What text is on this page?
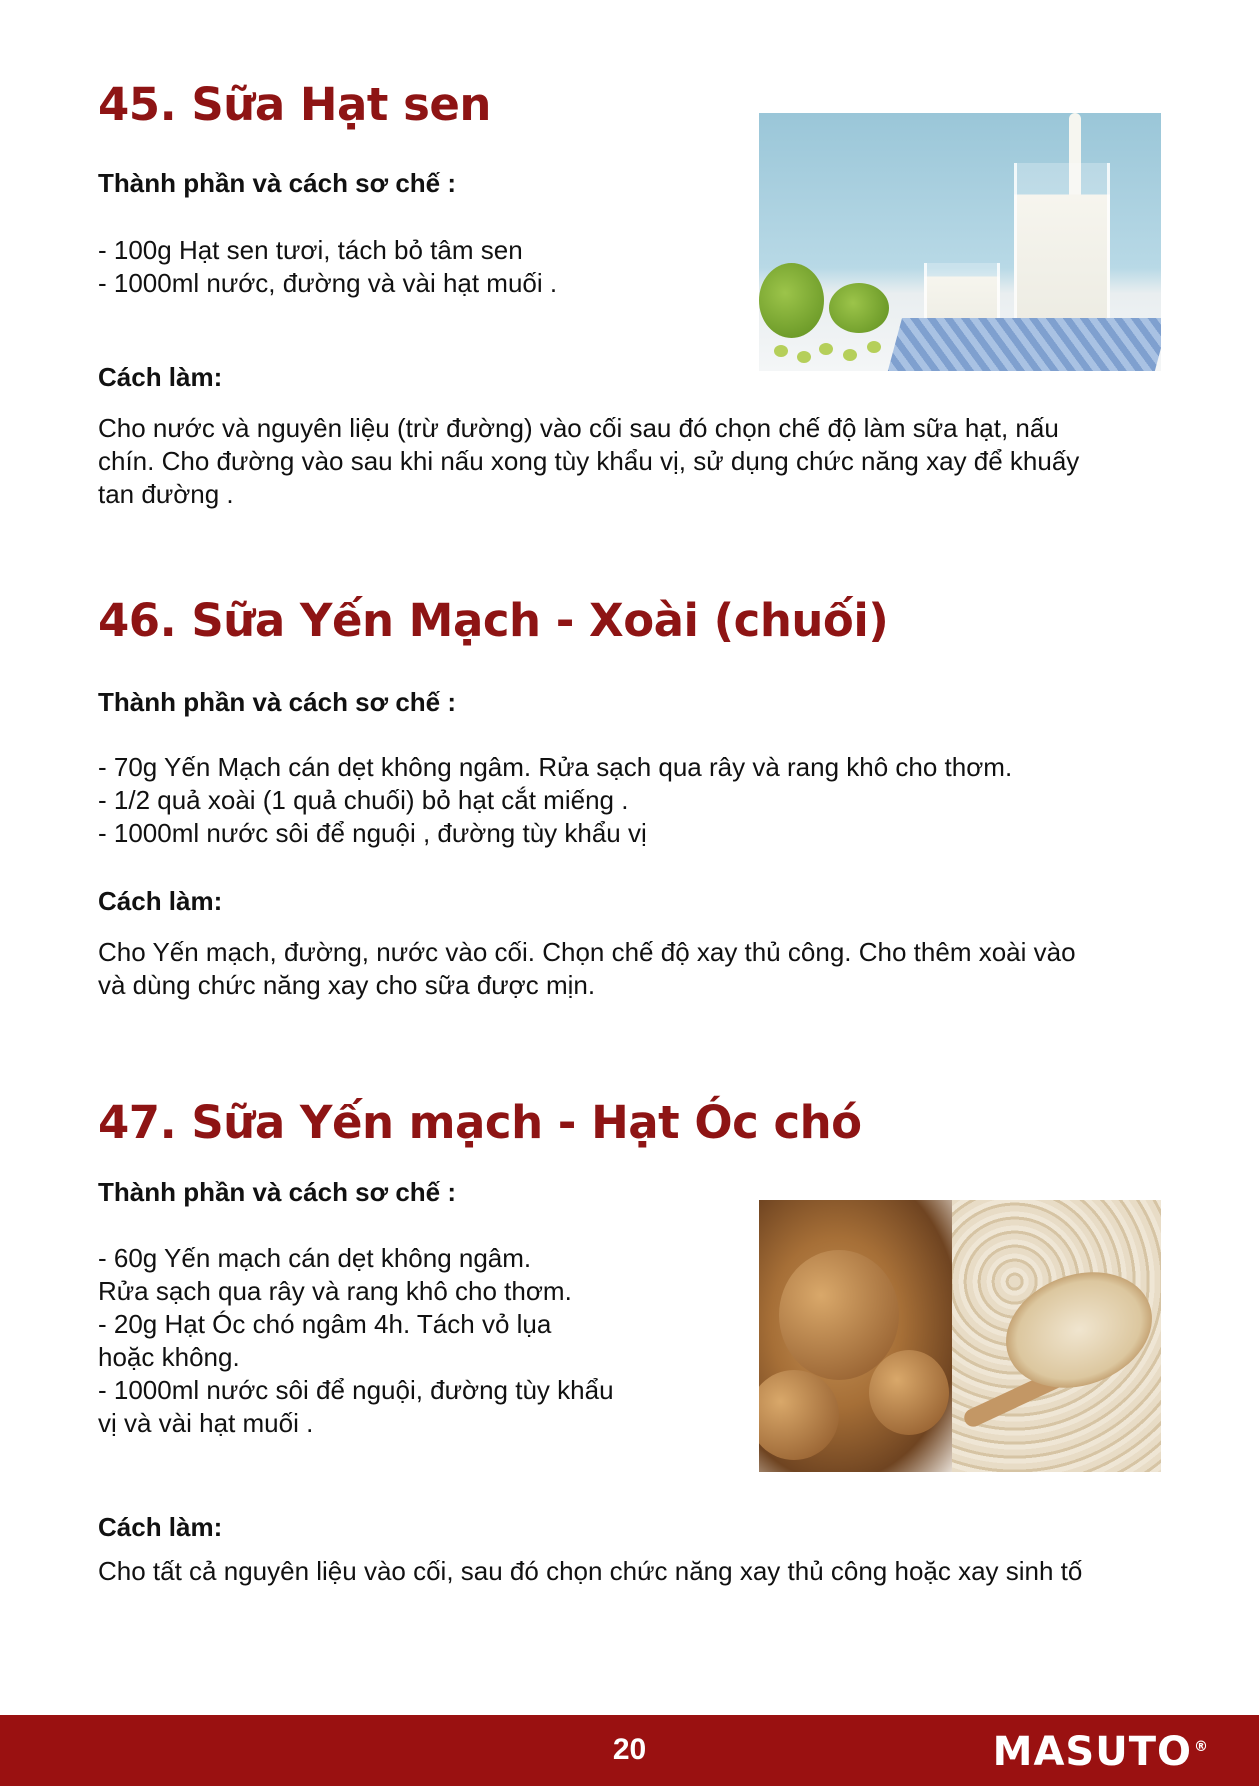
45. Sữa Hạt sen

Thành phần và cách sơ chế :

- 100g Hạt sen tươi, tách bỏ tâm sen
- 1000ml nước, đường và vài hạt muối .

Cách làm:

Cho nước và nguyên liệu (trừ đường) vào cối sau đó chọn chế độ làm sữa hạt, nấu
chín. Cho đường vào sau khi nấu xong tùy khẩu vị, sử dụng chức năng xay để khuấy
tan đường .
46. Sữa Yến Mạch - Xoài (chuối)

Thành phần và cách sơ chế :

- 70g Yến Mạch cán dẹt không ngâm. Rửa sạch qua rây và rang khô cho thơm.
- 1/2 quả xoài (1 quả chuối) bỏ hạt cắt miếng .
- 1000ml nước sôi để nguội , đường tùy khẩu vị

Cách làm:

Cho Yến mạch, đường, nước vào cối. Chọn chế độ xay thủ công. Cho thêm xoài vào
và dùng chức năng xay cho sữa được mịn.
47. Sữa Yến mạch - Hạt Óc chó

Thành phần và cách sơ chế :

- 60g Yến mạch cán dẹt không ngâm.
Rửa sạch qua rây và rang khô cho thơm.
- 20g Hạt Óc chó ngâm 4h. Tách vỏ lụa
hoặc không.
- 1000ml nước sôi để nguội, đường tùy khẩu
vị và vài hạt muối .

Cách làm:

Cho tất cả nguyên liệu vào cối, sau đó chọn chức năng xay thủ công hoặc xay sinh tố
20	MASUTO ®
